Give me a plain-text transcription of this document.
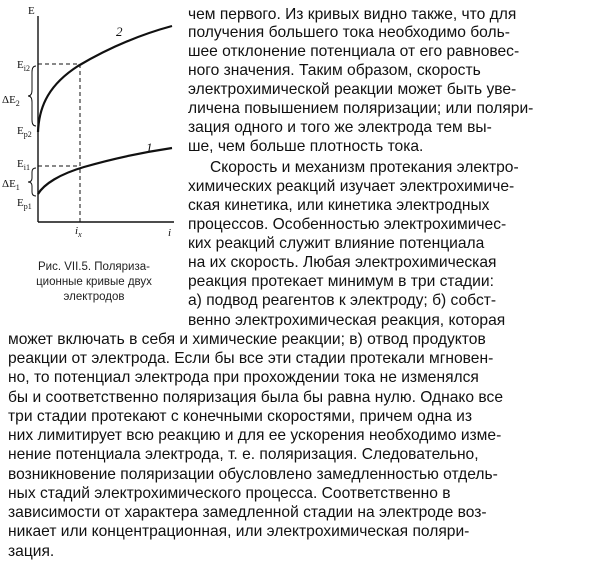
E
i
2
1
$E_{i2}$
$\Delta E_2$
$E_{p2}$
$E_{i1}$
$\Delta E_1$
$E_{p1}$
$i_x$
Рис. VII.5. Поляриза-
ционные кривые двух
электродов
чем первого. Из кривых видно также, что для
получения большего тока необходимо боль-
шее отклонение потенциала от его равновес-
ного значения. Таким образом, скорость
электрохимической реакции может быть уве-
личена повышением поляризации; или поляри-
зация одного и того же электрода тем вы-
ше, чем больше плотность тока.
Скорость и механизм протекания электро-
химических реакций изучает электрохимиче-
ская кинетика, или кинетика электродных
процессов. Особенностью электрохимичес-
ких реакций служит влияние потенциала
на их скорость. Любая электрохимическая
реакция протекает минимум в три стадии:
а) подвод реагентов к электроду; б) собст-
венно электрохимическая реакция, которая
может включать в себя и химические реакции; в) отвод продуктов
реакции от электрода. Если бы все эти стадии протекали мгновен-
но, то потенциал электрода при прохождении тока не изменялся
бы и соответственно поляризация была бы равна нулю. Однако все
три стадии протекают с конечными скоростями, причем одна из
них лимитирует всю реакцию и для ее ускорения необходимо изме-
нение потенциала электрода, т. е. поляризация. Следовательно,
возникновение поляризации обусловлено замедленностью отдель-
ных стадий электрохимического процесса. Соответственно в
зависимости от характера замедленной стадии на электроде воз-
никает или концентрационная, или электрохимическая поляри-
зация.
